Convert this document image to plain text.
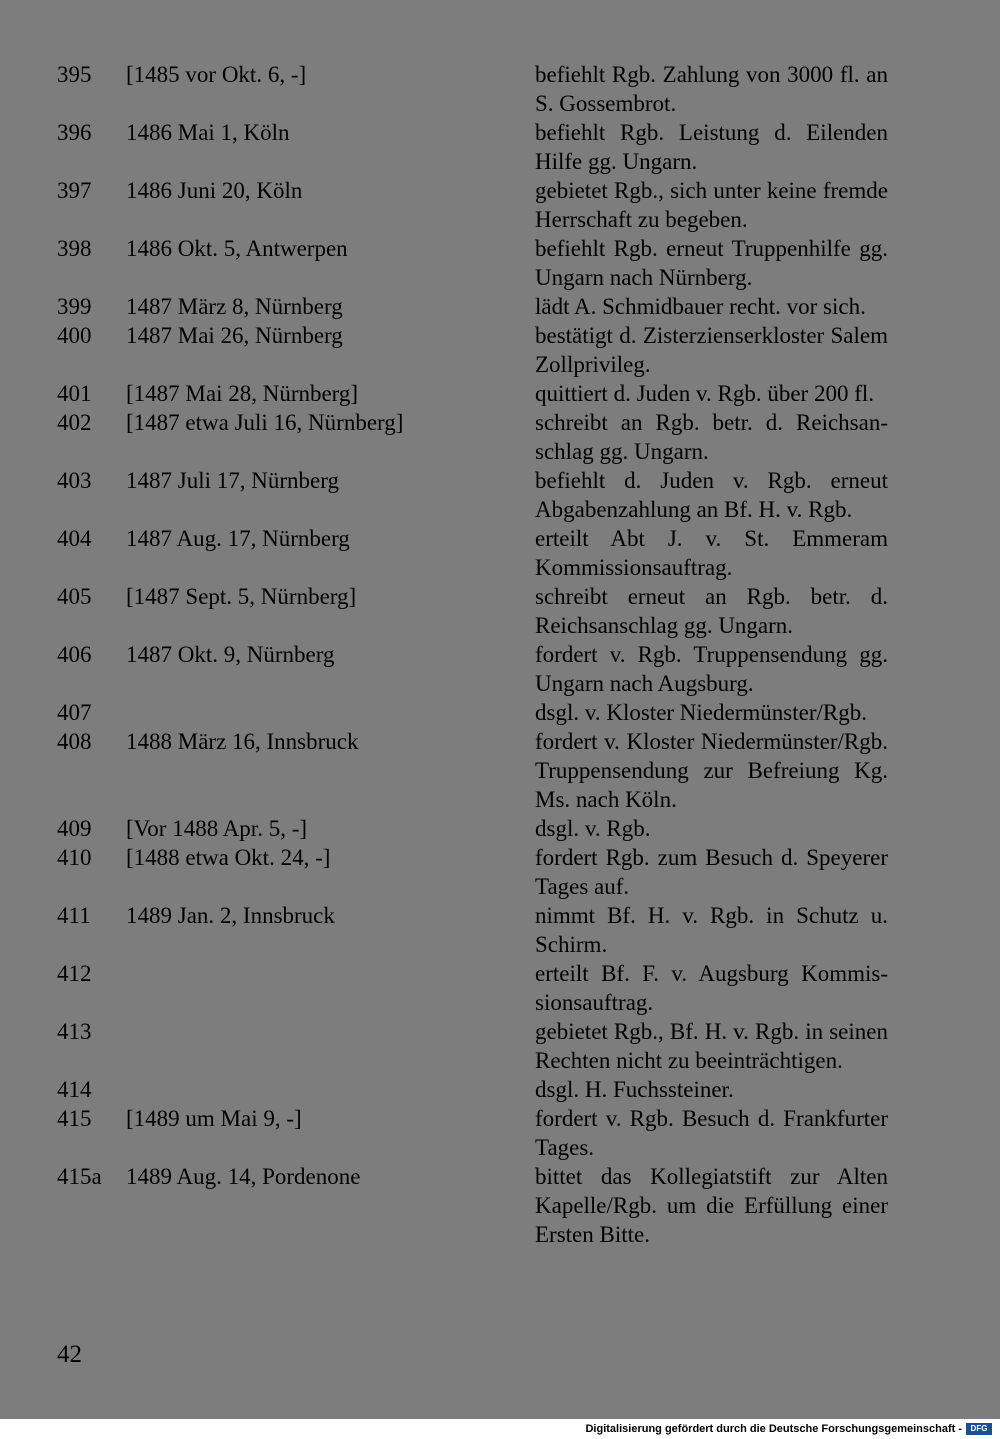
395 [1485 vor Okt. 6, -]	befiehlt Rgb. Zahlung von 3000 fl. an S. Gossembrot.
396 1486 Mai 1, Köln	befiehlt Rgb. Leistung d. Eilenden Hilfe gg. Ungarn.
397 1486 Juni 20, Köln	gebietet Rgb., sich unter keine fremde Herrschaft zu begeben.
398 1486 Okt. 5, Antwerpen	befiehlt Rgb. erneut Truppenhilfe gg. Ungarn nach Nürnberg.
399 1487 März 8, Nürnberg	lädt A. Schmidbauer recht. vor sich.
400 1487 Mai 26, Nürnberg	bestätigt d. Zisterzienserkloster Salem Zollprivileg.
401 [1487 Mai 28, Nürnberg]	quittiert d. Juden v. Rgb. über 200 fl.
402 [1487 etwa Juli 16, Nürnberg]	schreibt an Rgb. betr. d. Reichsanschlag gg. Ungarn.
403 1487 Juli 17, Nürnberg	befiehlt d. Juden v. Rgb. erneut Abgabenzahlung an Bf. H. v. Rgb.
404 1487 Aug. 17, Nürnberg	erteilt Abt J. v. St. Emmeram Kommissionsauftrag.
405 [1487 Sept. 5, Nürnberg]	schreibt erneut an Rgb. betr. d. Reichsanschlag gg. Ungarn.
406 1487 Okt. 9, Nürnberg	fordert v. Rgb. Truppensendung gg. Ungarn nach Augsburg.
407	dsgl. v. Kloster Niedermünster/Rgb.
408 1488 März 16, Innsbruck	fordert v. Kloster Niedermünster/Rgb. Truppensendung zur Befreiung Kg. Ms. nach Köln.
409 [Vor 1488 Apr. 5, -]	dsgl. v. Rgb.
410 [1488 etwa Okt. 24, -]	fordert Rgb. zum Besuch d. Speyerer Tages auf.
411 1489 Jan. 2, Innsbruck	nimmt Bf. H. v. Rgb. in Schutz u. Schirm.
412	erteilt Bf. F. v. Augsburg Kommissionsauftrag.
413	gebietet Rgb., Bf. H. v. Rgb. in seinen Rechten nicht zu beeinträchtigen.
414	dsgl. H. Fuchssteiner.
415 [1489 um Mai 9, -]	fordert v. Rgb. Besuch d. Frankfurter Tages.
415a 1489 Aug. 14, Pordenone	bittet das Kollegiatstift zur Alten Kapelle/Rgb. um die Erfüllung einer Ersten Bitte.
42
Digitalisierung gefördert durch die Deutsche Forschungsgemeinschaft -	DFG
